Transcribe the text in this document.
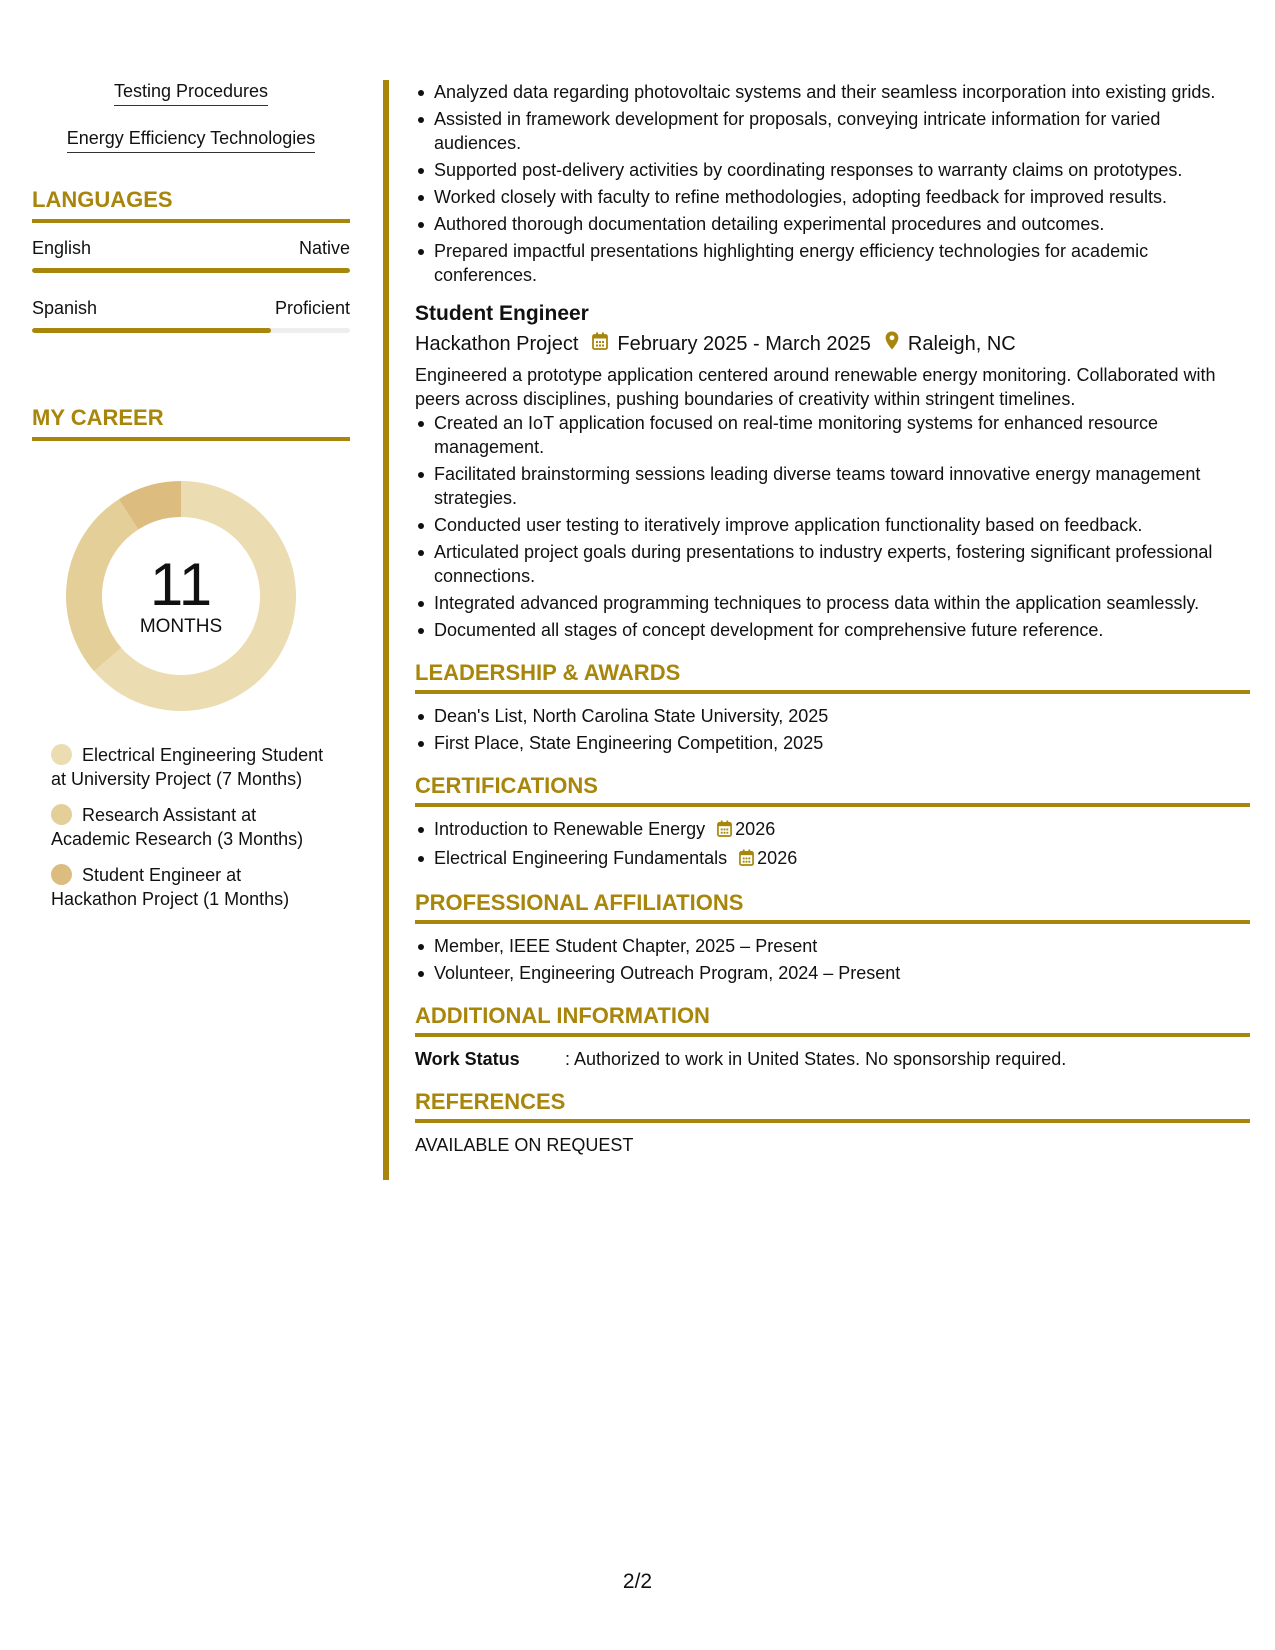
Testing Procedures
Energy Efficiency Technologies
LANGUAGES
English	Native
Spanish	Proficient
MY CAREER
11
MONTHS
Electrical Engineering Student at University Project (7 Months)
Research Assistant at Academic Research (3 Months)
Student Engineer at Hackathon Project (1 Months)
Analyzed data regarding photovoltaic systems and their seamless incorporation into existing grids.
Assisted in framework development for proposals, conveying intricate information for varied audiences.
Supported post-delivery activities by coordinating responses to warranty claims on prototypes.
Worked closely with faculty to refine methodologies, adopting feedback for improved results.
Authored thorough documentation detailing experimental procedures and outcomes.
Prepared impactful presentations highlighting energy efficiency technologies for academic conferences.
Student Engineer
Hackathon Project February 2025 - March 2025 Raleigh, NC
Engineered a prototype application centered around renewable energy monitoring. Collaborated with peers across disciplines, pushing boundaries of creativity within stringent timelines.
Created an IoT application focused on real-time monitoring systems for enhanced resource management.
Facilitated brainstorming sessions leading diverse teams toward innovative energy management strategies.
Conducted user testing to iteratively improve application functionality based on feedback.
Articulated project goals during presentations to industry experts, fostering significant professional connections.
Integrated advanced programming techniques to process data within the application seamlessly.
Documented all stages of concept development for comprehensive future reference.
LEADERSHIP & AWARDS
Dean's List, North Carolina State University, 2025
First Place, State Engineering Competition, 2025
CERTIFICATIONS
Introduction to Renewable Energy 2026
Electrical Engineering Fundamentals 2026
PROFESSIONAL AFFILIATIONS
Member, IEEE Student Chapter, 2025 – Present
Volunteer, Engineering Outreach Program, 2024 – Present
ADDITIONAL INFORMATION
Work Status	: Authorized to work in United States. No sponsorship required.
REFERENCES
AVAILABLE ON REQUEST
2/2
